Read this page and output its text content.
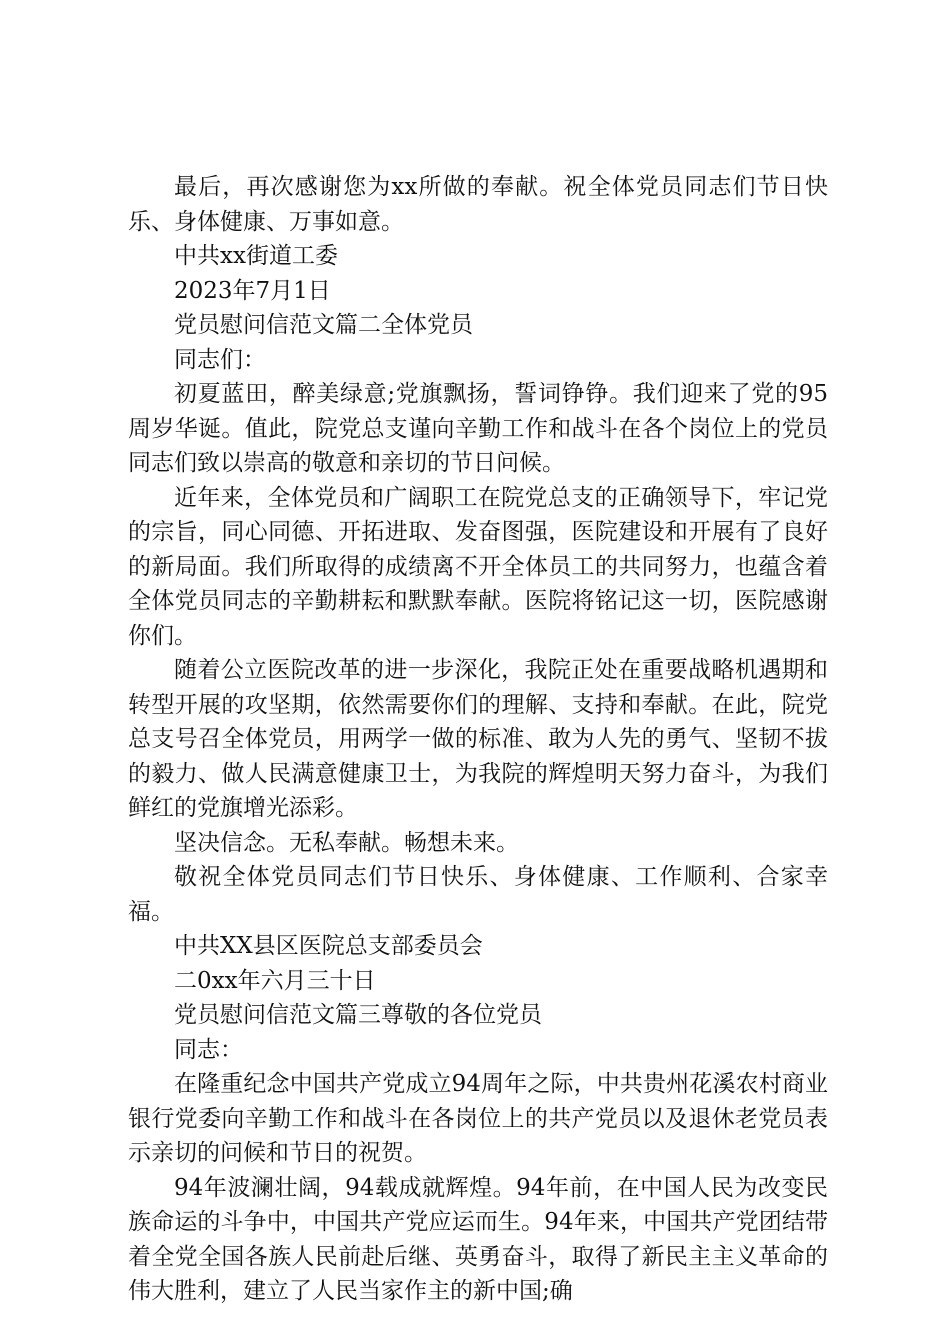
最后，再次感谢您为xx所做的奉献。祝全体党员同志们节日快乐、身体健康、万事如意。

中共xx街道工委

2023年7月1日

党员慰问信范文篇二全体党员

同志们：

初夏蓝田，醉美绿意;党旗飘扬，誓词铮铮。我们迎来了党的95周岁华诞。值此，院党总支谨向辛勤工作和战斗在各个岗位上的党员同志们致以崇高的敬意和亲切的节日问候。

近年来，全体党员和广阔职工在院党总支的正确领导下，牢记党的宗旨，同心同德、开拓进取、发奋图强，医院建设和开展有了良好的新局面。我们所取得的成绩离不开全体员工的共同努力，也蕴含着全体党员同志的辛勤耕耘和默默奉献。医院将铭记这一切，医院感谢你们。

随着公立医院改革的进一步深化，我院正处在重要战略机遇期和转型开展的攻坚期，依然需要你们的理解、支持和奉献。在此，院党总支号召全体党员，用两学一做的标准、敢为人先的勇气、坚韧不拔的毅力、做人民满意健康卫士，为我院的辉煌明天努力奋斗，为我们鲜红的党旗增光添彩。

坚决信念。无私奉献。畅想未来。

敬祝全体党员同志们节日快乐、身体健康、工作顺利、合家幸福。

中共XX县区医院总支部委员会

二0xx年六月三十日

党员慰问信范文篇三尊敬的各位党员

同志：

在隆重纪念中国共产党成立94周年之际，中共贵州花溪农村商业银行党委向辛勤工作和战斗在各岗位上的共产党员以及退休老党员表示亲切的问候和节日的祝贺。

94年波澜壮阔，94载成就辉煌。94年前，在中国人民为改变民族命运的斗争中，中国共产党应运而生。94年来，中国共产党团结带着全党全国各族人民前赴后继、英勇奋斗，取得了新民主主义革命的伟大胜利，建立了人民当家作主的新中国;确
